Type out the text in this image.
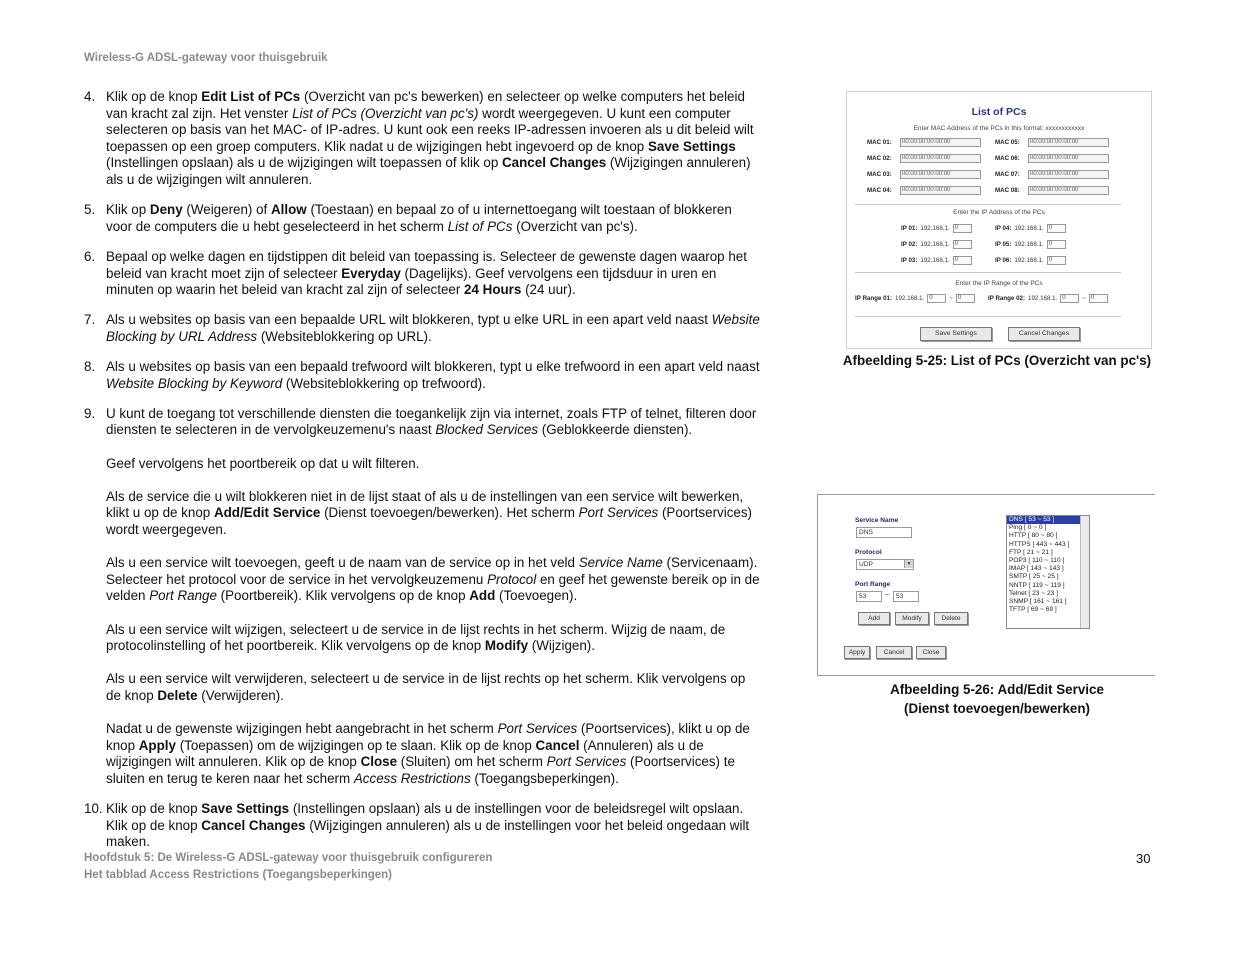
Wireless-G ADSL-gateway voor thuisgebruik
4. Klik op de knop Edit List of PCs (Overzicht van pc's bewerken) en selecteer op welke computers het beleid van kracht zal zijn. Het venster List of PCs (Overzicht van pc's) wordt weergegeven. U kunt een computer selecteren op basis van het MAC- of IP-adres. U kunt ook een reeks IP-adressen invoeren als u dit beleid wilt toepassen op een groep computers. Klik nadat u de wijzigingen hebt ingevoerd op de knop Save Settings (Instellingen opslaan) als u de wijzigingen wilt toepassen of klik op Cancel Changes (Wijzigingen annuleren) als u de wijzigingen wilt annuleren.

5. Klik op Deny (Weigeren) of Allow (Toestaan) en bepaal zo of u internettoegang wilt toestaan of blokkeren voor de computers die u hebt geselecteerd in het scherm List of PCs (Overzicht van pc's).

6. Bepaal op welke dagen en tijdstippen dit beleid van toepassing is. Selecteer de gewenste dagen waarop het beleid van kracht moet zijn of selecteer Everyday (Dagelijks). Geef vervolgens een tijdsduur in uren en minuten op waarin het beleid van kracht zal zijn of selecteer 24 Hours (24 uur).

7. Als u websites op basis van een bepaalde URL wilt blokkeren, typt u elke URL in een apart veld naast Website Blocking by URL Address (Websiteblokkering op URL).

8. Als u websites op basis van een bepaald trefwoord wilt blokkeren, typt u elke trefwoord in een apart veld naast Website Blocking by Keyword (Websiteblokkering op trefwoord).

9. U kunt de toegang tot verschillende diensten die toegankelijk zijn via internet, zoals FTP of telnet, filteren door diensten te selecteren in de vervolgkeuzemenu's naast Blocked Services (Geblokkeerde diensten).

Geef vervolgens het poortbereik op dat u wilt filteren.

Als de service die u wilt blokkeren niet in de lijst staat of als u de instellingen van een service wilt bewerken, klikt u op de knop Add/Edit Service (Dienst toevoegen/bewerken). Het scherm Port Services (Poortservices) wordt weergegeven.

Als u een service wilt toevoegen, geeft u de naam van de service op in het veld Service Name (Servicenaam). Selecteer het protocol voor de service in het vervolgkeuzemenu Protocol en geef het gewenste bereik op in de velden Port Range (Poortbereik). Klik vervolgens op de knop Add (Toevoegen).

Als u een service wilt wijzigen, selecteert u de service in de lijst rechts in het scherm. Wijzig de naam, de protocolinstelling of het poortbereik. Klik vervolgens op de knop Modify (Wijzigen).

Als u een service wilt verwijderen, selecteert u de service in de lijst rechts op het scherm. Klik vervolgens op de knop Delete (Verwijderen).

Nadat u de gewenste wijzigingen hebt aangebracht in het scherm Port Services (Poortservices), klikt u op de knop Apply (Toepassen) om de wijzigingen op te slaan. Klik op de knop Cancel (Annuleren) als u de wijzigingen wilt annuleren. Klik op de knop Close (Sluiten) om het scherm Port Services (Poortservices) te sluiten en terug te keren naar het scherm Access Restrictions (Toegangsbeperkingen).

10. Klik op de knop Save Settings (Instellingen opslaan) als u de instellingen voor de beleidsregel wilt opslaan. Klik op de knop Cancel Changes (Wijzigingen annuleren) als u de instellingen voor het beleid ongedaan wilt maken.

List of PCs
Enter MAC Address of the PCs in this format: xxxxxxxxxxxx
MAC 01:	00:00:00:00:00:00
MAC 02:	00:00:00:00:00:00
MAC 03:	00:00:00:00:00:00
MAC 04:	00:00:00:00:00:00
MAC 05:	00:00:00:00:00:00
MAC 06:	00:00:00:00:00:00
MAC 07:	00:00:00:00:00:00
MAC 08:	00:00:00:00:00:00
Enter the IP Address of the PCs
IP 01: 192.168.1. 0
IP 02: 192.168.1. 0
IP 03: 192.168.1. 0
IP 04: 192.168.1. 0
IP 05: 192.168.1. 0
IP 06: 192.168.1. 0
Enter the IP Range of the PCs
IP Range 01: 192.168.1. 0	~ 0	IP Range 02: 192.168.1. 0	~ 0
Save Settings	Cancel Changes
Afbeelding 5-25: List of PCs (Overzicht van pc's)
Service Name
DNS
Protocol
UDP	▼
Port Range
53	~	53
Add	Modify	Delete
DNS [ 53 ~ 53 ]
Ping [ 0 ~ 0 ]
HTTP [ 80 ~ 80 ]
HTTPS [ 443 ~ 443 ]
FTP [ 21 ~ 21 ]
POP3 [ 110 ~ 110 ]
IMAP [ 143 ~ 143 ]
SMTP [ 25 ~ 25 ]
NNTP [ 119 ~ 119 ]
Telnet [ 23 ~ 23 ]
SNMP [ 161 ~ 161 ]
TFTP [ 69 ~ 69 ]
Apply	Cancel	Close
Afbeelding 5-26: Add/Edit Service
(Dienst toevoegen/bewerken)
Hoofdstuk 5: De Wireless-G ADSL-gateway voor thuisgebruik configureren
Het tabblad Access Restrictions (Toegangsbeperkingen)
30
